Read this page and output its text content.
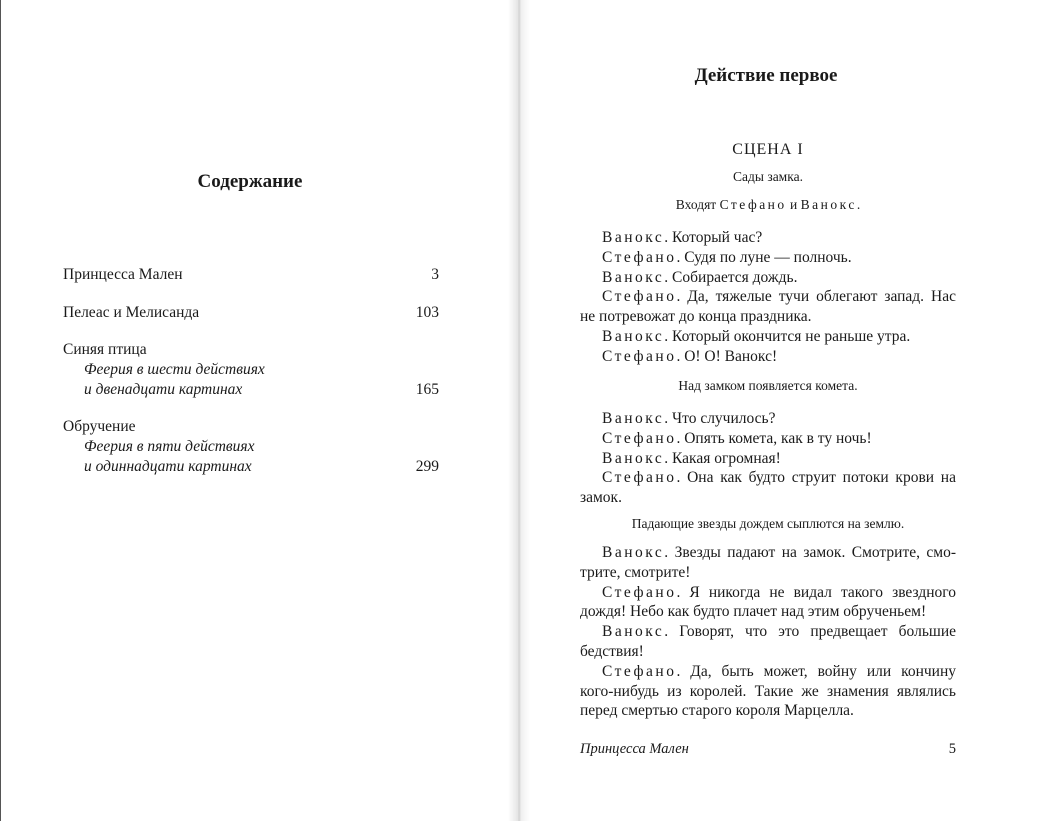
Содержание
Принцесса Мален	3
Пелеас и Мелисанда	103
Синяя птица
Феерия в шести действиях
и двенадцати картинах	165
Обручение
Феерия в пяти действиях
и одиннадцати картинах	299
Действие первое
СЦЕНА I
Сады замка.
Входят Стефано и Ванокс.
Ванокс. Который час?
Стефано. Судя по луне — полночь.
Ванокс. Собирается дождь.
Стефано. Да, тяжелые тучи облегают запад. Нас не потревожат до конца праздника.
Ванокс. Который окончится не раньше утра.
Стефано. О! О! Ванокс!
Над замком появляется комета.
Ванокс. Что случилось?
Стефано. Опять комета, как в ту ночь!
Ванокс. Какая огромная!
Стефано. Она как будто струит потоки крови на замок.
Падающие звезды дождем сыплются на землю.
Ванокс. Звезды падают на замок. Смотрите, смо-трите, смотрите!
Стефано. Я никогда не видал такого звездного дождя! Небо как будто плачет над этим обрученьем!
Ванокс. Говорят, что это предвещает большие бедствия!
Стефано. Да, быть может, войну или кончину кого-нибудь из королей. Такие же знамения являлись перед смертью старого короля Марцелла.
Принцесса Мален	5
